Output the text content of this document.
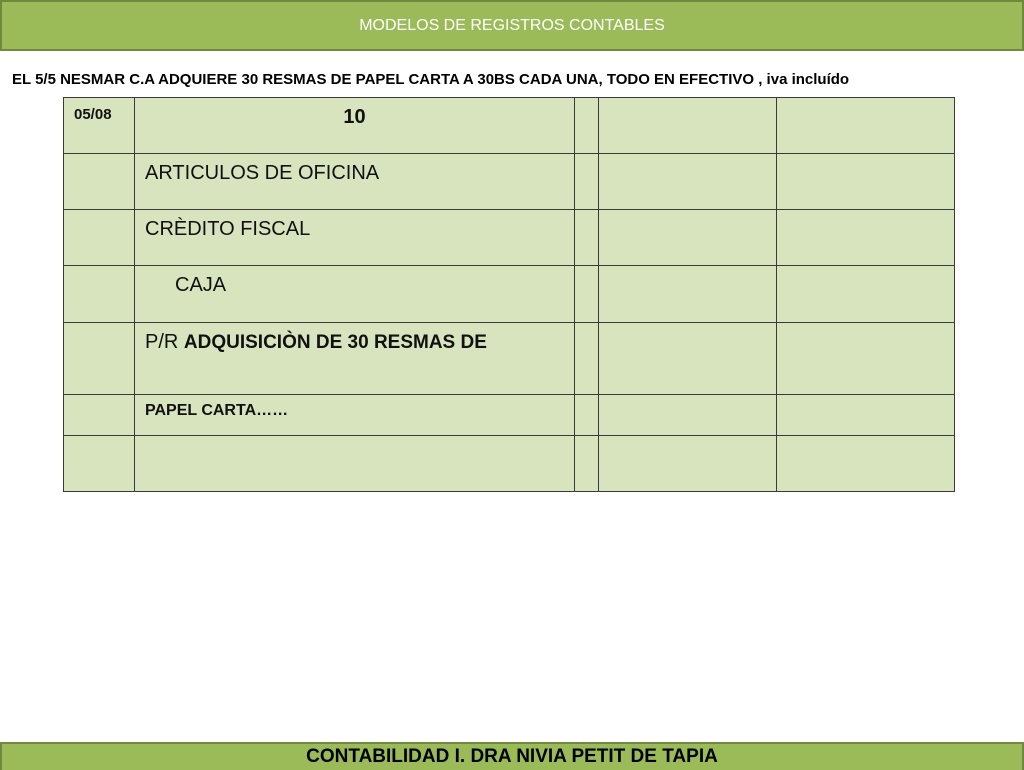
MODELOS DE REGISTROS CONTABLES
EL 5/5 NESMAR C.A ADQUIERE 30 RESMAS DE PAPEL CARTA A 30BS CADA UNA, TODO EN EFECTIVO , iva incluído
05/08	10			

	ARTICULOS DE OFICINA			

	CRÈDITO FISCAL			

	CAJA			

	P/R ADQUISICIÒN DE 30 RESMAS DE			

	PAPEL CARTA……			

CONTABILIDAD I. DRA NIVIA PETIT DE TAPIA
